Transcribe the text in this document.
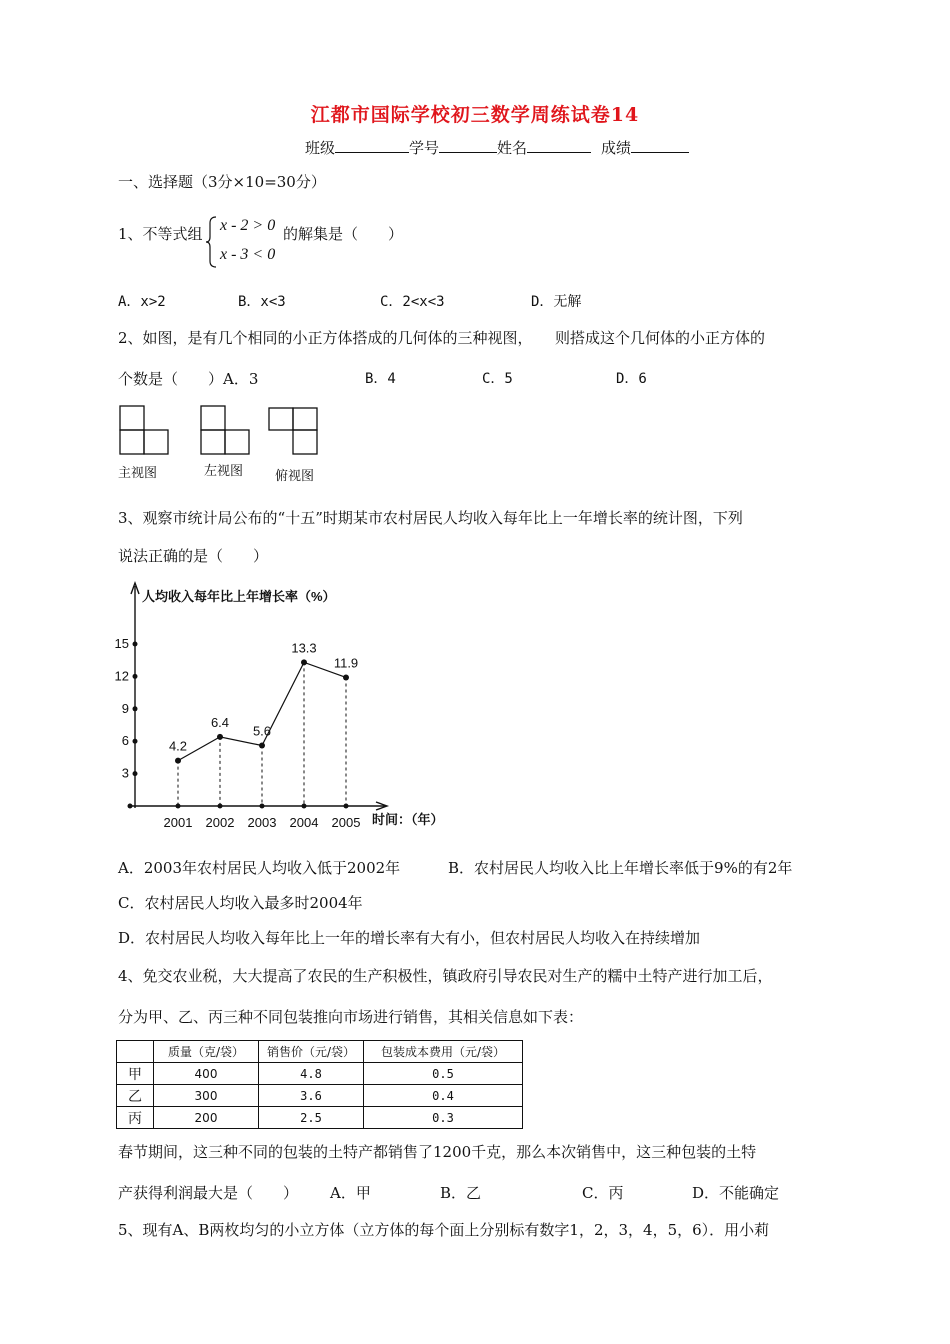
江都市国际学校初三数学周练试卷14
班级	学号	姓名	成绩
一、选择题（3分×10=30分）
1、不等式组 x - 2 > 0
x - 3 < 0
的解集是（　　）
A．x>2	B．x<3	C．2<x<3	D．无解
2、如图，是有几个相同的小正方体搭成的几何体的三种视图，　　则搭成这个几何体的小正方体的
个数是（　　）A．3	B．4	C．5	D．6
主视图	左视图 俯视图
3、观察市统计局公布的“十五”时期某市农村居民人均收入每年比上一年增长率的统计图，下列
说法正确的是（　　）
人均收入每年比上年增长率（%）
时间：（年）
3
6
9
12
15
2001 2002 2003 2004 2005
4.2
6.4
5.6
13.3
11.9
A．2003年农村居民人均收入低于2002年	B．农村居民人均收入比上年增长率低于9%的有2年
C．农村居民人均收入最多时2004年
D．农村居民人均收入每年比上一年的增长率有大有小，但农村居民人均收入在持续增加
4、免交农业税，大大提高了农民的生产积极性，镇政府引导农民对生产的糯中土特产进行加工后，
分为甲、乙、丙三种不同包装推向市场进行销售，其相关信息如下表：
	质量（克/袋）	销售价（元/袋）	包装成本费用（元/袋）
甲	400	4.8	0.5
乙	300	3.6	0.4
丙	200	2.5	0.3
春节期间，这三种不同的包装的土特产都销售了1200千克，那么本次销售中，这三种包装的土特
产获得利润最大是（　　） A．甲	B．乙	C．丙	D．不能确定
5、现有A、B两枚均匀的小立方体（立方体的每个面上分别标有数字1，2，3，4，5，6）．用小莉
